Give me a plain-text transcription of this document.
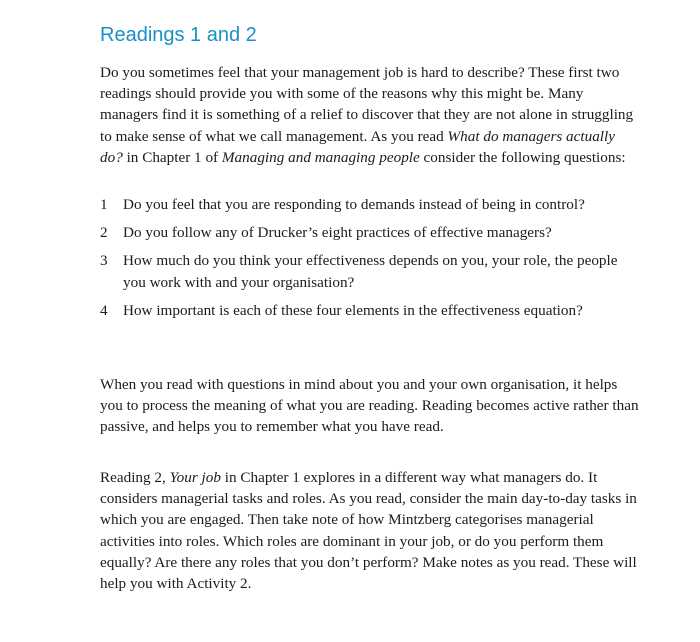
Readings 1 and 2

Do you sometimes feel that your management job is hard to describe? These first two readings should provide you with some of the reasons why this might be. Many managers find it is something of a relief to discover that they are not alone in struggling to make sense of what we call management. As you read What do managers actually do? in Chapter 1 of Managing and managing people consider the following questions:

1	Do you feel that you are responding to demands instead of being in control?
2	Do you follow any of Drucker’s eight practices of effective managers?
3	How much do you think your effectiveness depends on you, your role, the people you work with and your organisation?
4	How important is each of these four elements in the effectiveness equation?

When you read with questions in mind about you and your own organisation, it helps you to process the meaning of what you are reading. Reading becomes active rather than passive, and helps you to remember what you have read.

Reading 2, Your job in Chapter 1 explores in a different way what managers do. It considers managerial tasks and roles. As you read, consider the main day-to-day tasks in which you are engaged. Then take note of how Mintzberg categorises managerial activities into roles. Which roles are dominant in your job, or do you perform them equally? Are there any roles that you don’t perform? Make notes as you read. These will help you with Activity 2.
